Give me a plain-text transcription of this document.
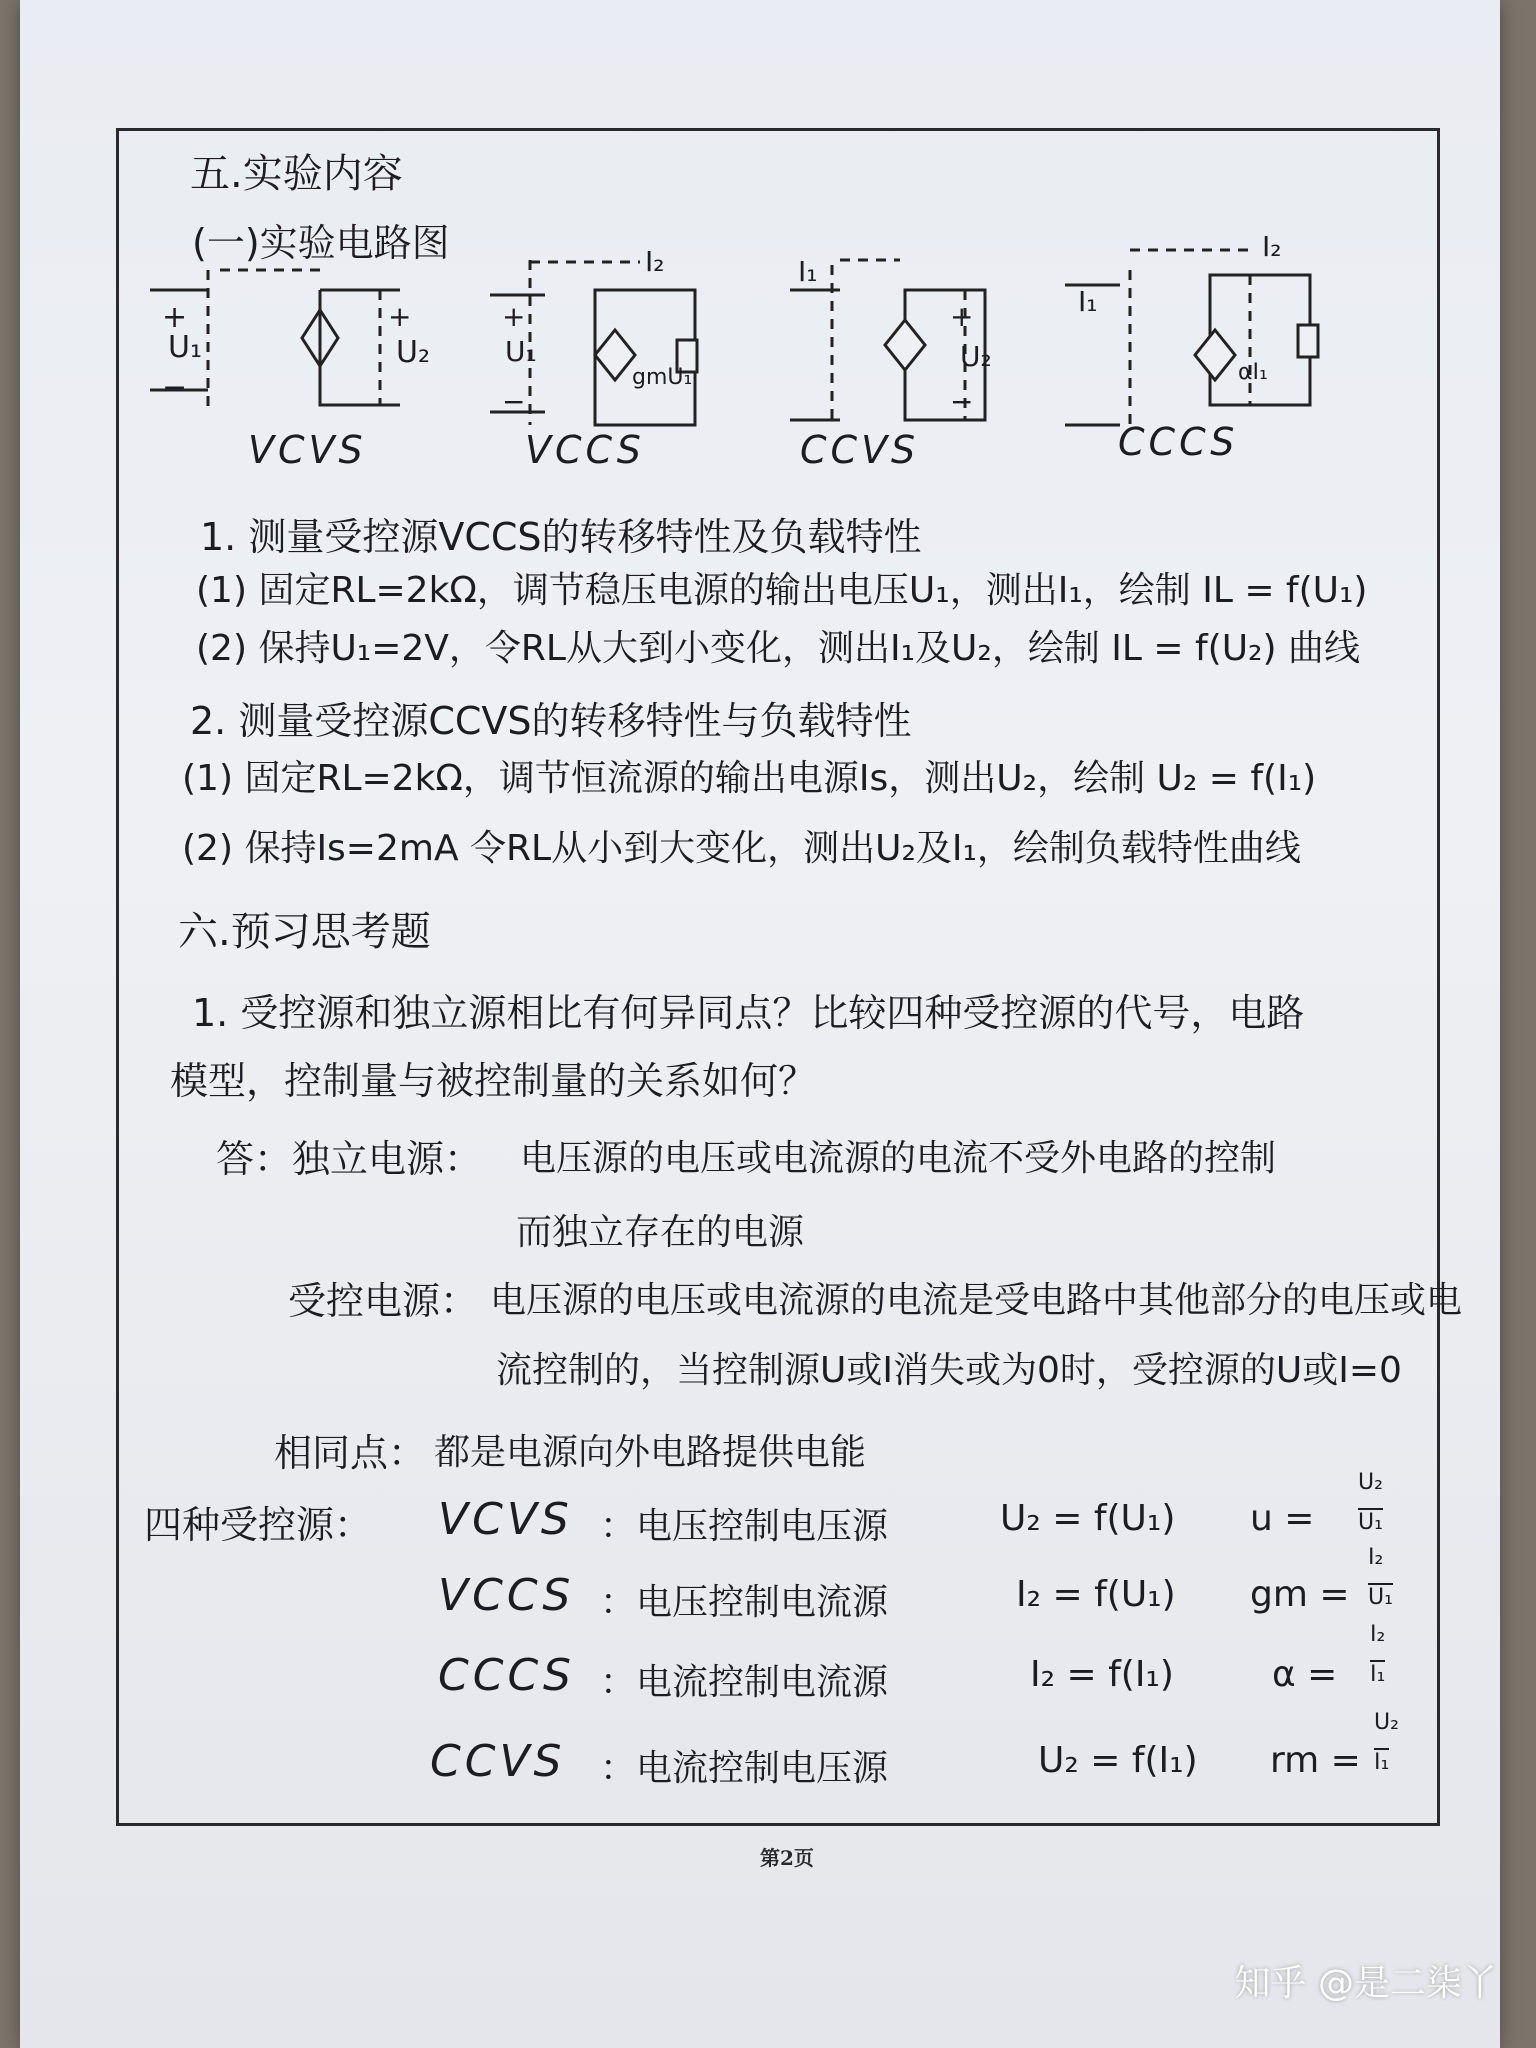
五.实验内容
(一)实验电路图
VCVS
+
−
U₁
+
U₂
VCCS
+
−
U₁
I₂
gmU₁
CCVS
I₁
+
−
U₂
CCCS
I₁
I₂
αI₁
1. 测量受控源VCCS的转移特性及负载特性
(1) 固定RL=2kΩ，调节稳压电源的输出电压U₁，测出I₁，绘制 IL = f(U₁)
(2) 保持U₁=2V，令RL从大到小变化，测出I₁及U₂，绘制 IL = f(U₂) 曲线
2. 测量受控源CCVS的转移特性与负载特性
(1) 固定RL=2kΩ，调节恒流源的输出电源Is，测出U₂，绘制 U₂ = f(I₁)
(2) 保持Is=2mA 令RL从小到大变化，测出U₂及I₁，绘制负载特性曲线
六.预习思考题
1. 受控源和独立源相比有何异同点？比较四种受控源的代号，电路
模型，控制量与被控制量的关系如何？
答：独立电源： 电压源的电压或电流源的电流不受外电路的控制
而独立存在的电源
受控电源： 电压源的电压或电流源的电流是受电路中其他部分的电压或电
流控制的，当控制源U或I消失或为0时，受控源的U或I=0
相同点： 都是电源向外电路提供电能
四种受控源： VCVS ：电压控制电压源	U₂ = f(U₁) u =
U₂
U₁
VCCS ：电压控制电流源	I₂ = f(U₁) gm =
I₂
U₁
CCCS ：电流控制电流源	I₂ = f(I₁)	α =
I₂
I₁
CCVS ：电流控制电压源	U₂ = f(I₁) rm =
U₂
I₁
第2页
知乎 @是二柒丫
